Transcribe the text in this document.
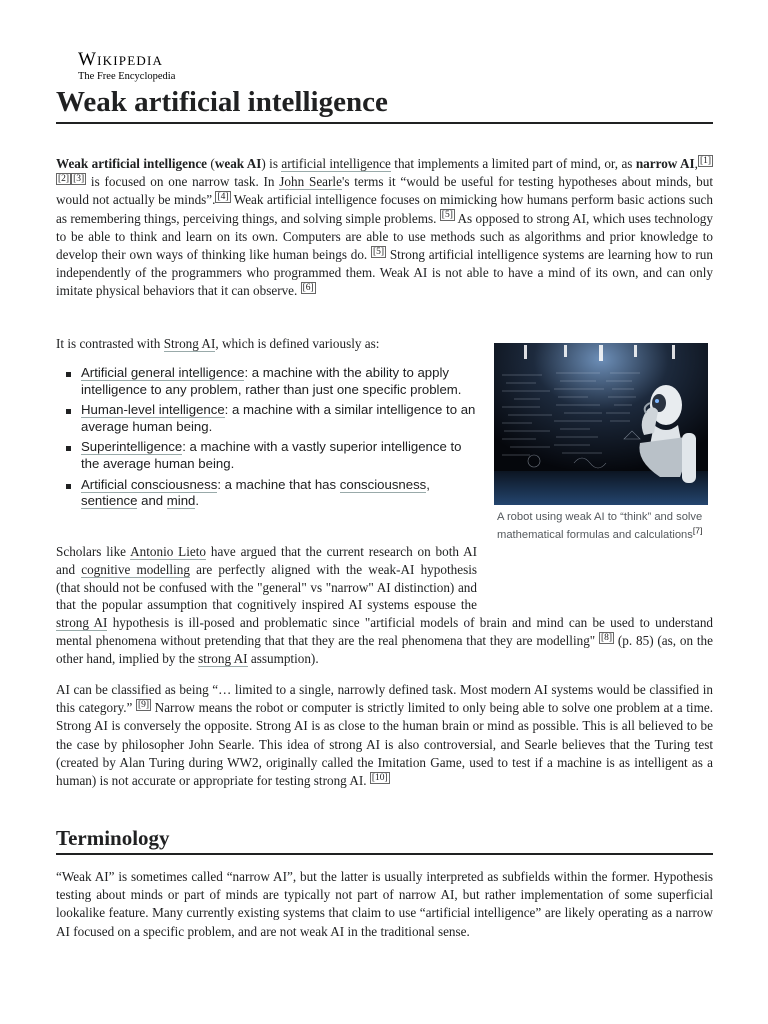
Wikipedia
The Free Encyclopedia
Weak artificial intelligence

Weak artificial intelligence (weak AI) is artificial intelligence that implements a limited part of mind, or, as narrow AI, [1][2] [3] is focused on one narrow task. In John Searle's terms it “would be useful for testing hypotheses about minds, but would not actually be minds”. [4] Weak artificial intelligence focuses on mimicking how humans perform basic actions such as remembering things, perceiving things, and solving simple problems. [5] As opposed to strong AI, which uses technology to be able to think and learn on its own. Computers are able to use methods such as algorithms and prior knowledge to develop their own ways of thinking like human beings do. [5] Strong artificial intelligence systems are learning how to run independently of the programmers who programmed them. Weak AI is not able to have a mind of its own, and can only imitate physical behaviors that it can observe. [6]

It is contrasted with Strong AI, which is defined variously as:

Artificial general intelligence: a machine with the ability to apply intelligence to any problem, rather than just one specific problem.
Human-level intelligence: a machine with a similar intelligence to an average human being.
Superintelligence: a machine with a vastly superior intelligence to the average human being.
Artificial consciousness: a machine that has consciousness, sentience and mind.
A robot using weak AI to “think” and solve mathematical formulas and calculations[7]

Scholars like Antonio Lieto have argued that the current research on both AI and cognitive modelling are perfectly aligned with the weak-AI hypothesis (that should not be confused with the "general" vs "narrow" AI distinction) and that the popular assumption that cognitively inspired AI systems espouse the strong AI hypothesis is ill-posed and problematic since "artificial models of brain and mind can be used to understand mental phenomena without pretending that that they are the real phenomena that they are modelling" [8] (p. 85) (as, on the other hand, implied by the strong AI assumption).

AI can be classified as being “… limited to a single, narrowly defined task. Most modern AI systems would be classified in this category.” [9] Narrow means the robot or computer is strictly limited to only being able to solve one problem at a time. Strong AI is conversely the opposite. Strong AI is as close to the human brain or mind as possible. This is all believed to be the case by philosopher John Searle. This idea of strong AI is also controversial, and Searle believes that the Turing test (created by Alan Turing during WW2, originally called the Imitation Game, used to test if a machine is as intelligent as a human) is not accurate or appropriate for testing strong AI. [10]

Terminology

“Weak AI” is sometimes called “narrow AI”, but the latter is usually interpreted as subfields within the former. Hypothesis testing about minds or part of minds are typically not part of narrow AI, but rather implementation of some superficial lookalike feature. Many currently existing systems that claim to use “artificial intelligence” are likely operating as a narrow AI focused on a specific problem, and are not weak AI in the traditional sense.
